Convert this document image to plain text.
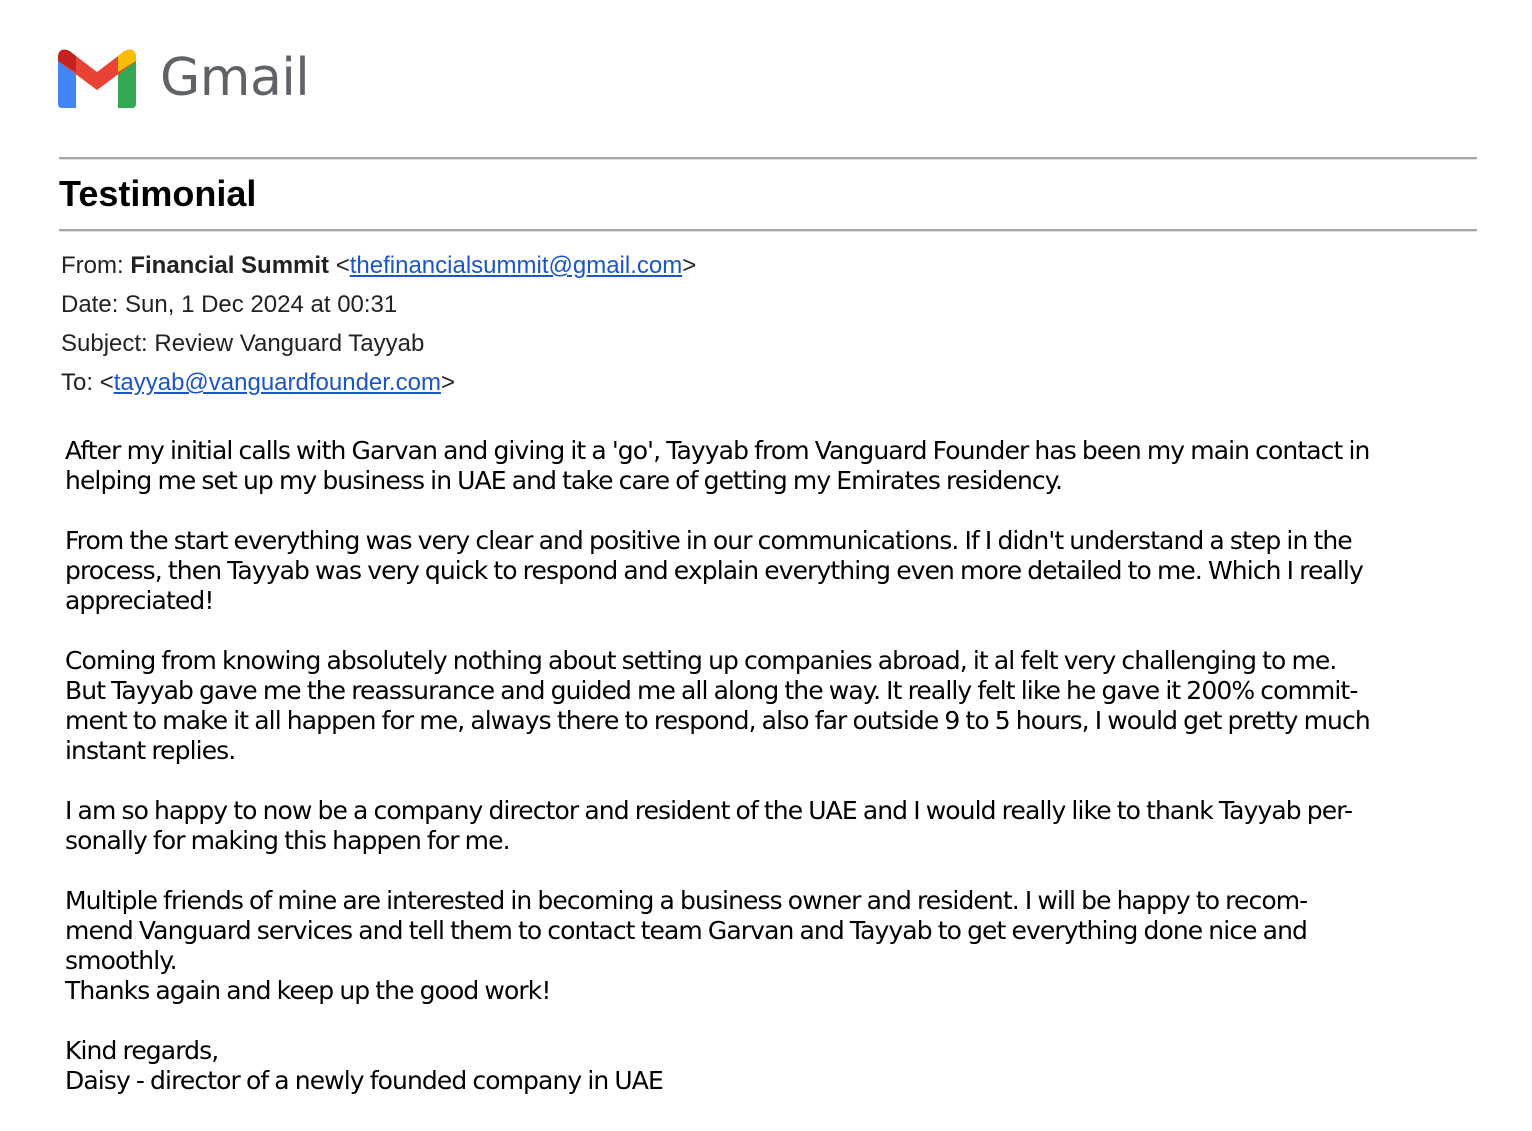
Gmail
Testimonial
From: Financial Summit <thefinancialsummit@gmail.com>
Date: Sun, 1 Dec 2024 at 00:31
Subject: Review Vanguard Tayyab
To: <tayyab@vanguardfounder.com>

After my initial calls with Garvan and giving it a 'go', Tayyab from Vanguard Founder has been my main contact in
helping me set up my business in UAE and take care of getting my Emirates residency.

From the start everything was very clear and positive in our communications. If I didn't understand a step in the
process, then Tayyab was very quick to respond and explain everything even more detailed to me. Which I really
appreciated!

Coming from knowing absolutely nothing about setting up companies abroad, it al felt very challenging to me.
But Tayyab gave me the reassurance and guided me all along the way. It really felt like he gave it 200% commit-
ment to make it all happen for me, always there to respond, also far outside 9 to 5 hours, I would get pretty much
instant replies.

I am so happy to now be a company director and resident of the UAE and I would really like to thank Tayyab per-
sonally for making this happen for me.

Multiple friends of mine are interested in becoming a business owner and resident. I will be happy to recom-
mend Vanguard services and tell them to contact team Garvan and Tayyab to get everything done nice and
smoothly.
Thanks again and keep up the good work!

Kind regards,
Daisy - director of a newly founded company in UAE
